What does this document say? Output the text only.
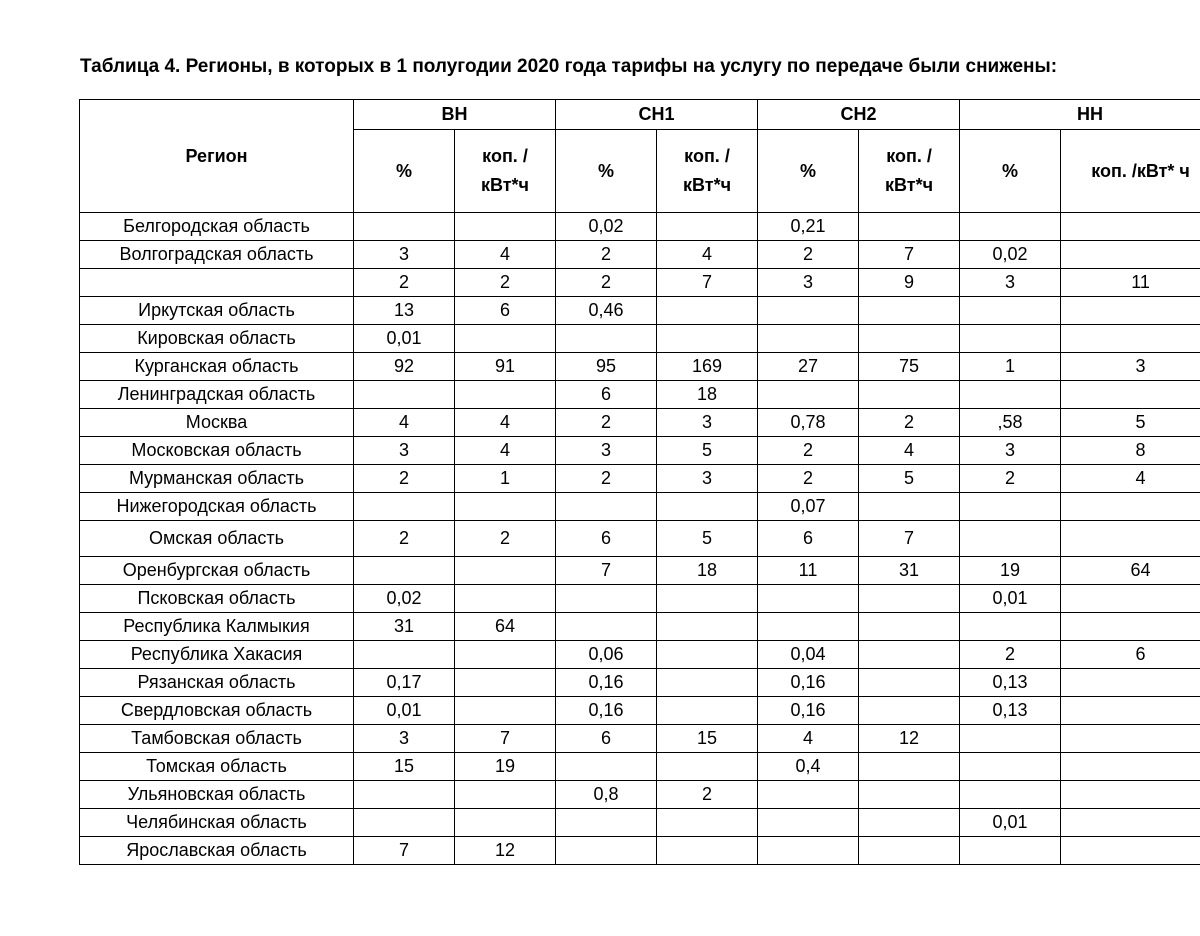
Таблица 4. Регионы, в которых в 1 полугодии 2020 года тарифы на услугу по передаче были снижены:
Регион	ВН		СН1		СН2		НН	
	%	коп. /кВт*ч	%	коп. /кВт*ч	%	коп. /кВт*ч	%	коп. /кВт* ч
Белгородская область			0,02		0,21			
Волгоградская область	3	4	2	4	2	7	0,02	
	2	2	2	7	3	9	3	11
Иркутская область	13	6	0,46					
Кировская область	0,01							
Курганская область	92	91	95	169	27	75	1	3
Ленинградская область			6	18				
Москва	4	4	2	3	0,78	2	,58	5
Московская область	3	4	3	5	2	4	3	8
Мурманская область	2	1	2	3	2	5	2	4
Нижегородская область					0,07			
Омская область	2	2	6	5	6	7		
Оренбургская область			7	18	11	31	19	64
Псковская область	0,02						0,01	
Республика Калмыкия	31	64						
Республика Хакасия			0,06		0,04		2	6
Рязанская область	0,17		0,16		0,16		0,13	
Свердловская область	0,01		0,16		0,16		0,13	
Тамбовская область	3	7	6	15	4	12		
Томская область	15	19			0,4			
Ульяновская область			0,8	2				
Челябинская область							0,01	
Ярославская область	7	12						
